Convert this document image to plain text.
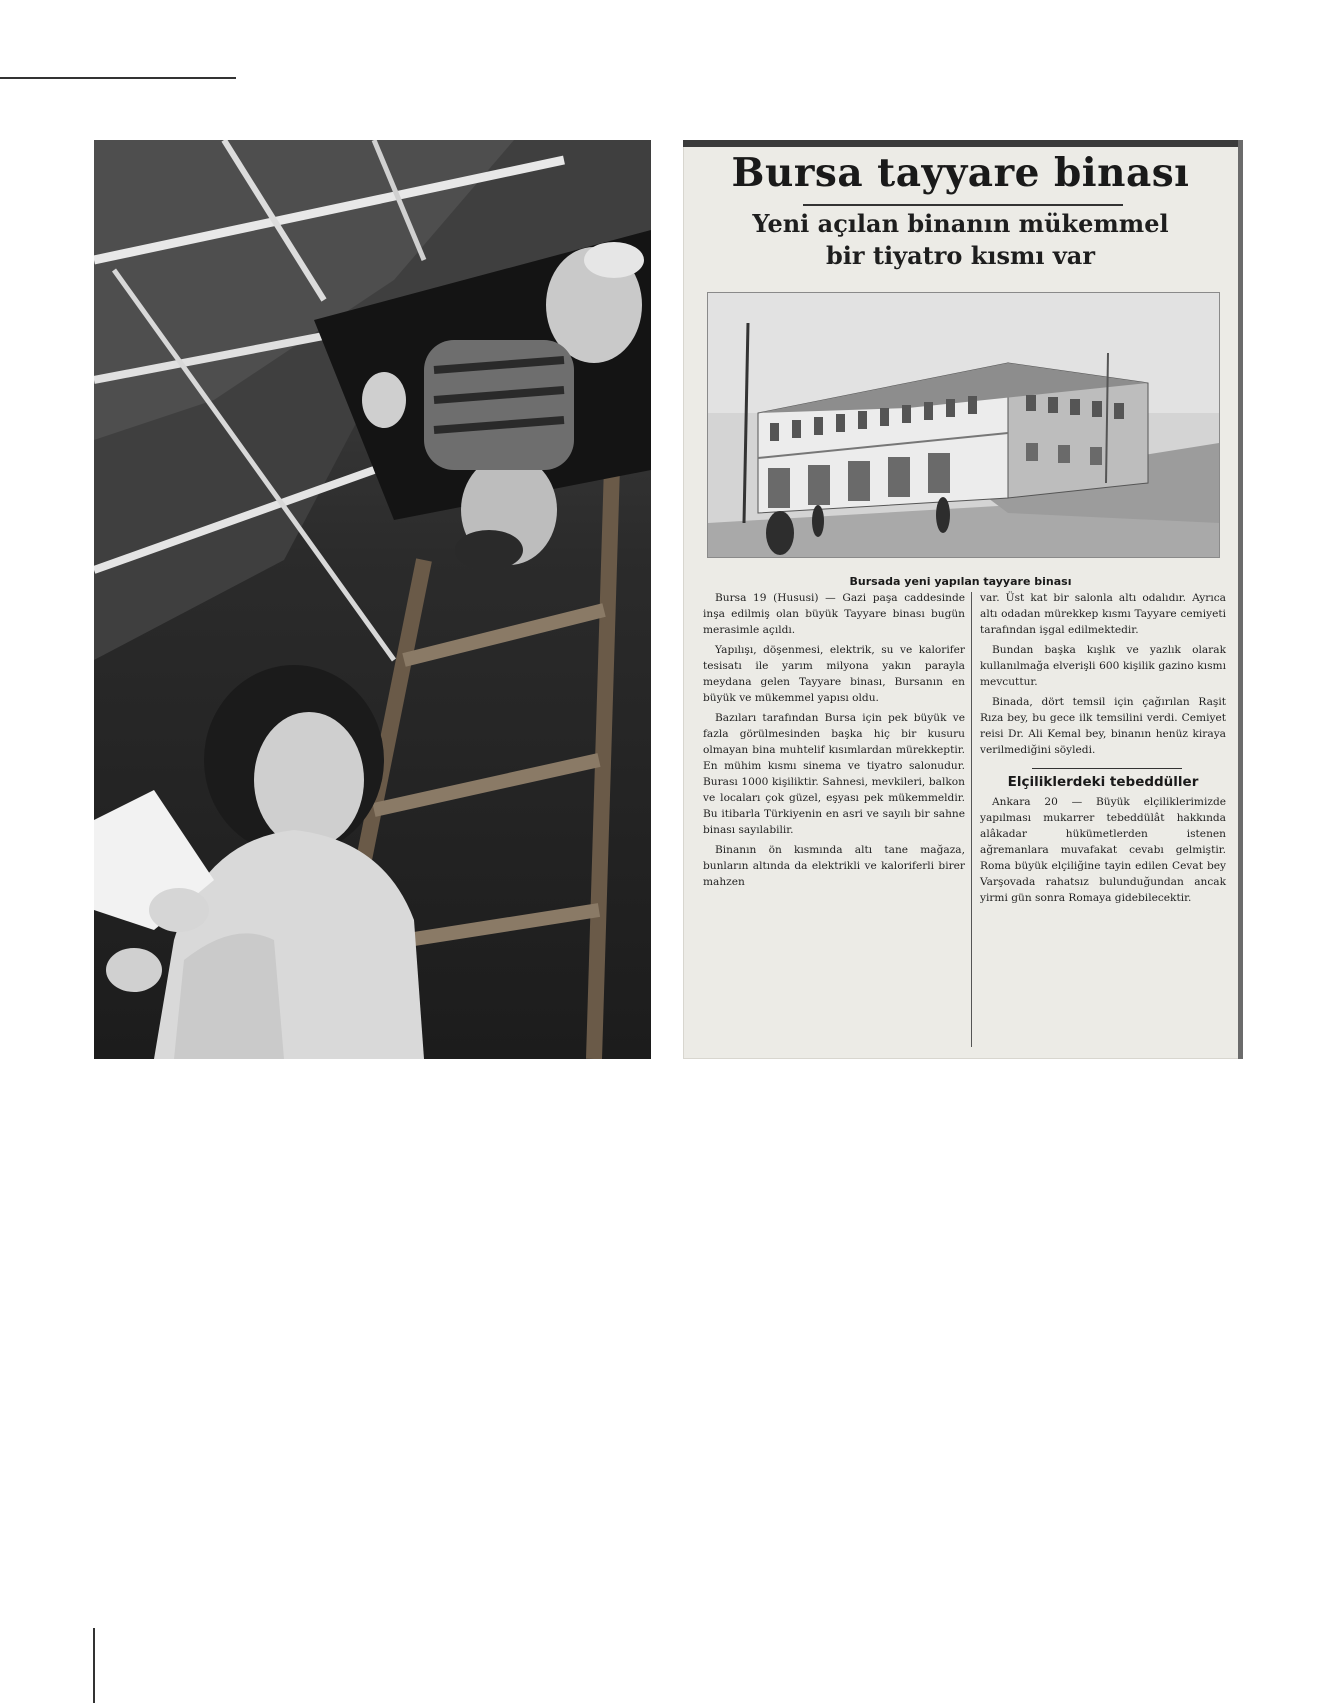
Bursa tayyare binası
Yeni açılan binanın mükemmel
bir tiyatro kısmı var
Bursada yeni yapılan tayyare binası

Bursa 19 (Hususi) — Gazi paşa caddesinde inşa edilmiş olan büyük Tayyare binası bugün merasimle açıldı.

Yapılışı, döşenmesi, elektrik, su ve kalorifer tesisatı ile yarım milyona yakın parayla meydana gelen Tayyare binası, Bursanın en büyük ve mükemmel yapısı oldu.

Bazıları tarafından Bursa için pek büyük ve fazla görülmesinden başka hiç bir kusuru olmayan bina muhtelif kısımlardan mürekkeptir. En mühim kısmı sinema ve tiyatro salonudur. Burası 1000 kişiliktir. Sahnesi, mevkileri, balkon ve locaları çok güzel, eşyası pek mükemmeldir. Bu itibarla Türkiyenin en asri ve sayılı bir sahne binası sayılabilir.

Binanın ön kısmında altı tane mağaza, bunların altında da elektrikli ve kaloriferli birer mahzen

var. Üst kat bir salonla altı odalıdır. Ayrıca altı odadan mürekkep kısmı Tayyare cemiyeti tarafından işgal edilmektedir.

Bundan başka kışlık ve yazlık olarak kullanılmağa elverişli 600 kişilik gazino kısmı mevcuttur.

Binada, dört temsil için çağırılan Raşit Rıza bey, bu gece ilk temsilini verdi. Cemiyet reisi Dr. Ali Kemal bey, binanın henüz kiraya verilmediğini söyledi.

Elçiliklerdeki tebeddüller

Ankara 20 — Büyük elçiliklerimizde yapılması mukarrer tebeddülât hakkında alâkadar hükümetlerden istenen ağremanlara muvafakat cevabı gelmiştir. Roma büyük elçiliğine tayin edilen Cevat bey Varşovada rahatsız bulunduğundan ancak yirmi gün sonra Romaya gidebilecektir.
